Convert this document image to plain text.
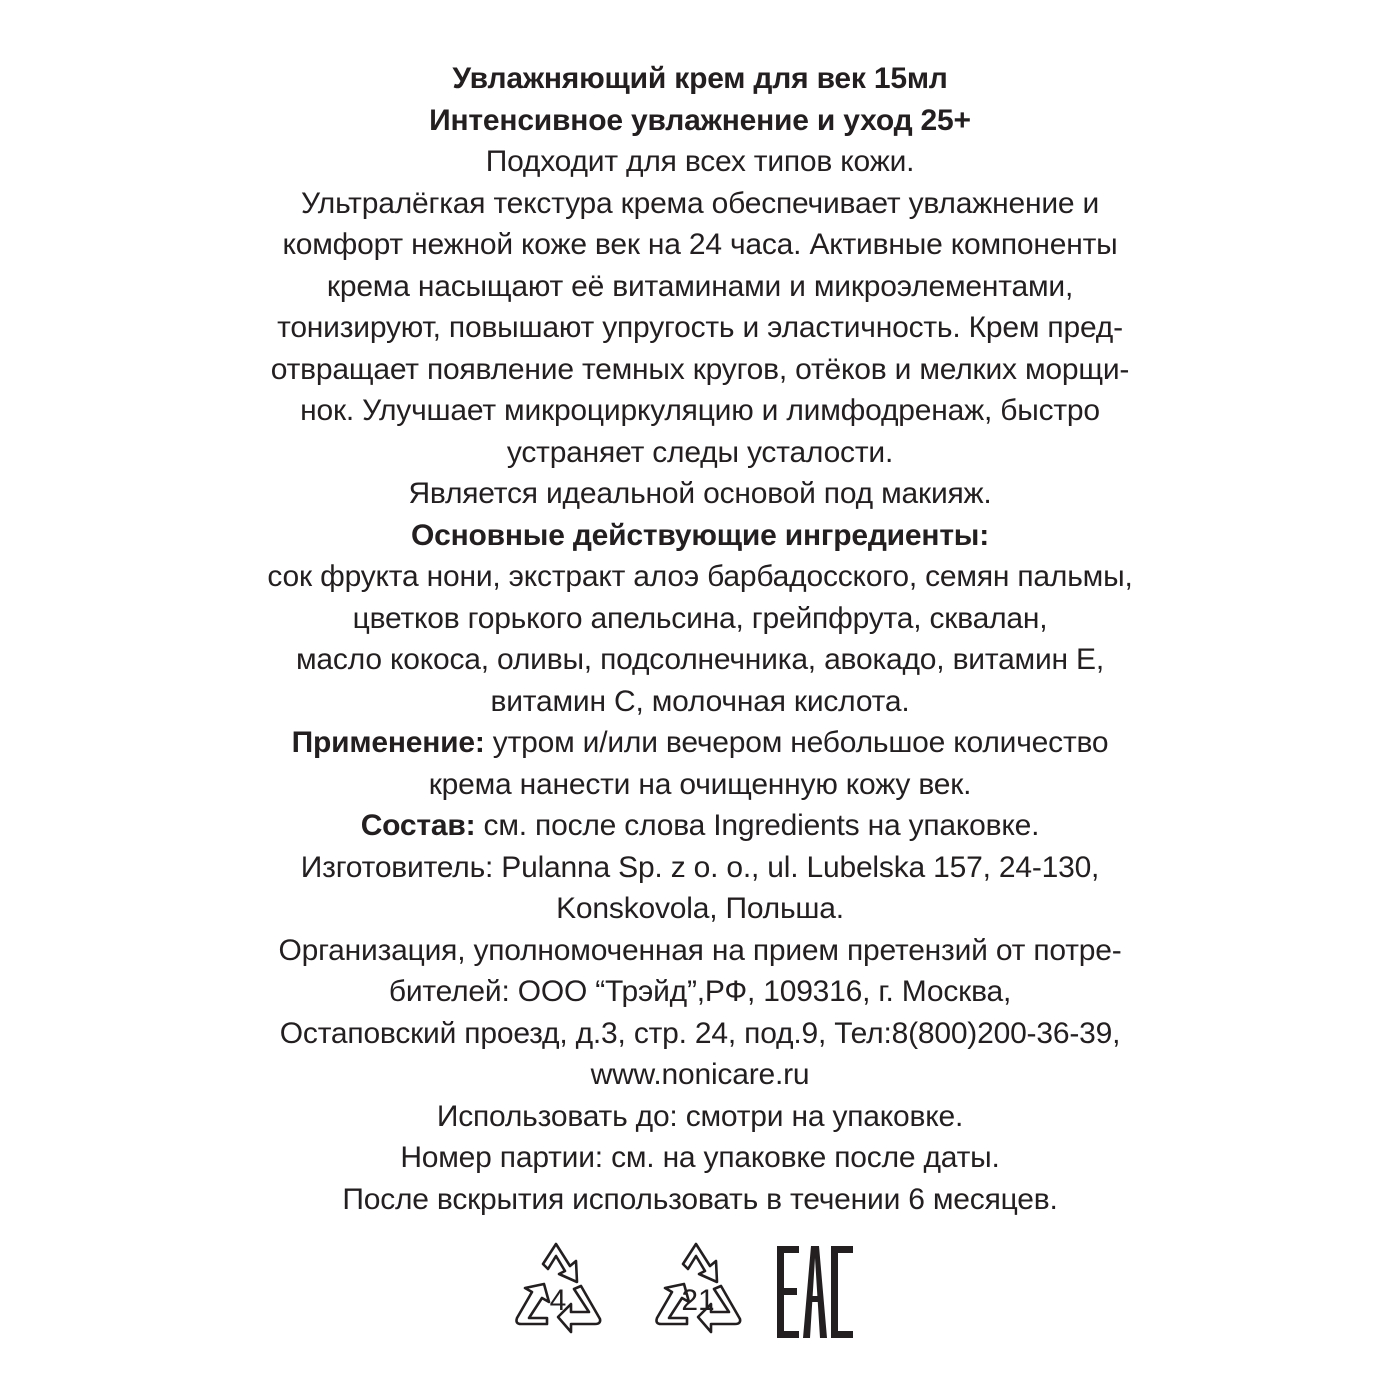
Увлажняющий крем для век 15мл
Интенсивное увлажнение и уход 25+
Подходит для всех типов кожи.
Ультралёгкая текстура крема обеспечивает увлажнение и
комфорт нежной коже век на 24 часа. Активные компоненты
крема насыщают её витаминами и микроэлементами,
тонизируют, повышают упругость и эластичность. Крем пред-
отвращает появление темных кругов, отёков и мелких морщи-
нок. Улучшает микроциркуляцию и лимфодренаж, быстро
устраняет следы усталости.
Является идеальной основой под макияж.
Основные действующие ингредиенты:
сок фрукта нони, экстракт алоэ барбадосского, семян пальмы,
цветков горького апельсина, грейпфрута, сквалан,
масло кокоса, оливы, подсолнечника, авокадо, витамин Е,
витамин С, молочная кислота.
Применение: утром и/или вечером небольшое количество
крема нанести на очищенную кожу век.
Состав: см. после слова Ingredients на упаковке.
Изготовитель: Pulanna Sp. z o. o., ul. Lubelska 157, 24-130,
Konskovola, Польша.
Организация, уполномоченная на прием претензий от потре-
бителей: ООО “Трэйд”,РФ, 109316, г. Москва,
Остаповский проезд, д.3, стр. 24, под.9, Тел:8(800)200-36-39,
www.nonicare.ru
Использовать до: смотри на упаковке.
Номер партии: см. на упаковке после даты.
После вскрытия использовать в течении 6 месяцев.
4	21
